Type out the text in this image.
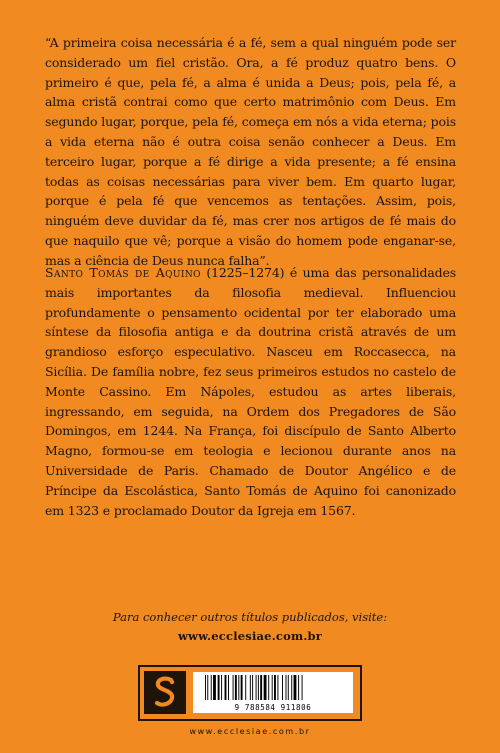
“A primeira coisa necessária é a fé, sem a qual ninguém pode ser considerado um fiel cristão. Ora, a fé produz quatro bens. O primeiro é que, pela fé, a alma é unida a Deus; pois, pela fé, a alma cristã contrai como que certo matrimônio com Deus. Em segundo lugar, porque, pela fé, começa em nós a vida eterna; pois a vida eterna não é outra coisa senão conhecer a Deus. Em terceiro lugar, porque a fé dirige a vida presente; a fé ensina todas as coisas necessárias para viver bem. Em quarto lugar, porque é pela fé que vencemos as tentações. Assim, pois, ninguém deve duvidar da fé, mas crer nos artigos de fé mais do que naquilo que vê; porque a visão do homem pode enganar-se, mas a ciência de Deus nunca falha”.

Santo Tomás de Aquino (1225–1274) é uma das personalidades mais importantes da filosofia medieval. Influenciou profundamente o pensamento ocidental por ter elaborado uma síntese da filosofia antiga e da doutrina cristã através de um grandioso esforço especulativo. Nasceu em Roccasecca, na Sicília. De família nobre, fez seus primeiros estudos no castelo de Monte Cassino. Em Nápoles, estudou as artes liberais, ingressando, em seguida, na Ordem dos Pregadores de São Domingos, em 1244. Na França, foi discípulo de Santo Alberto Magno, formou-se em teologia e lecionou durante anos na Universidade de Paris. Chamado de Doutor Angélico e de Príncipe da Escolástica, Santo Tomás de Aquino foi canonizado em 1323 e proclamado Doutor da Igreja em 1567.

Para conhecer outros títulos publicados, visite:

www.ecclesiae.com.br

9 788584 911806
www.ecclesiae.com.br
